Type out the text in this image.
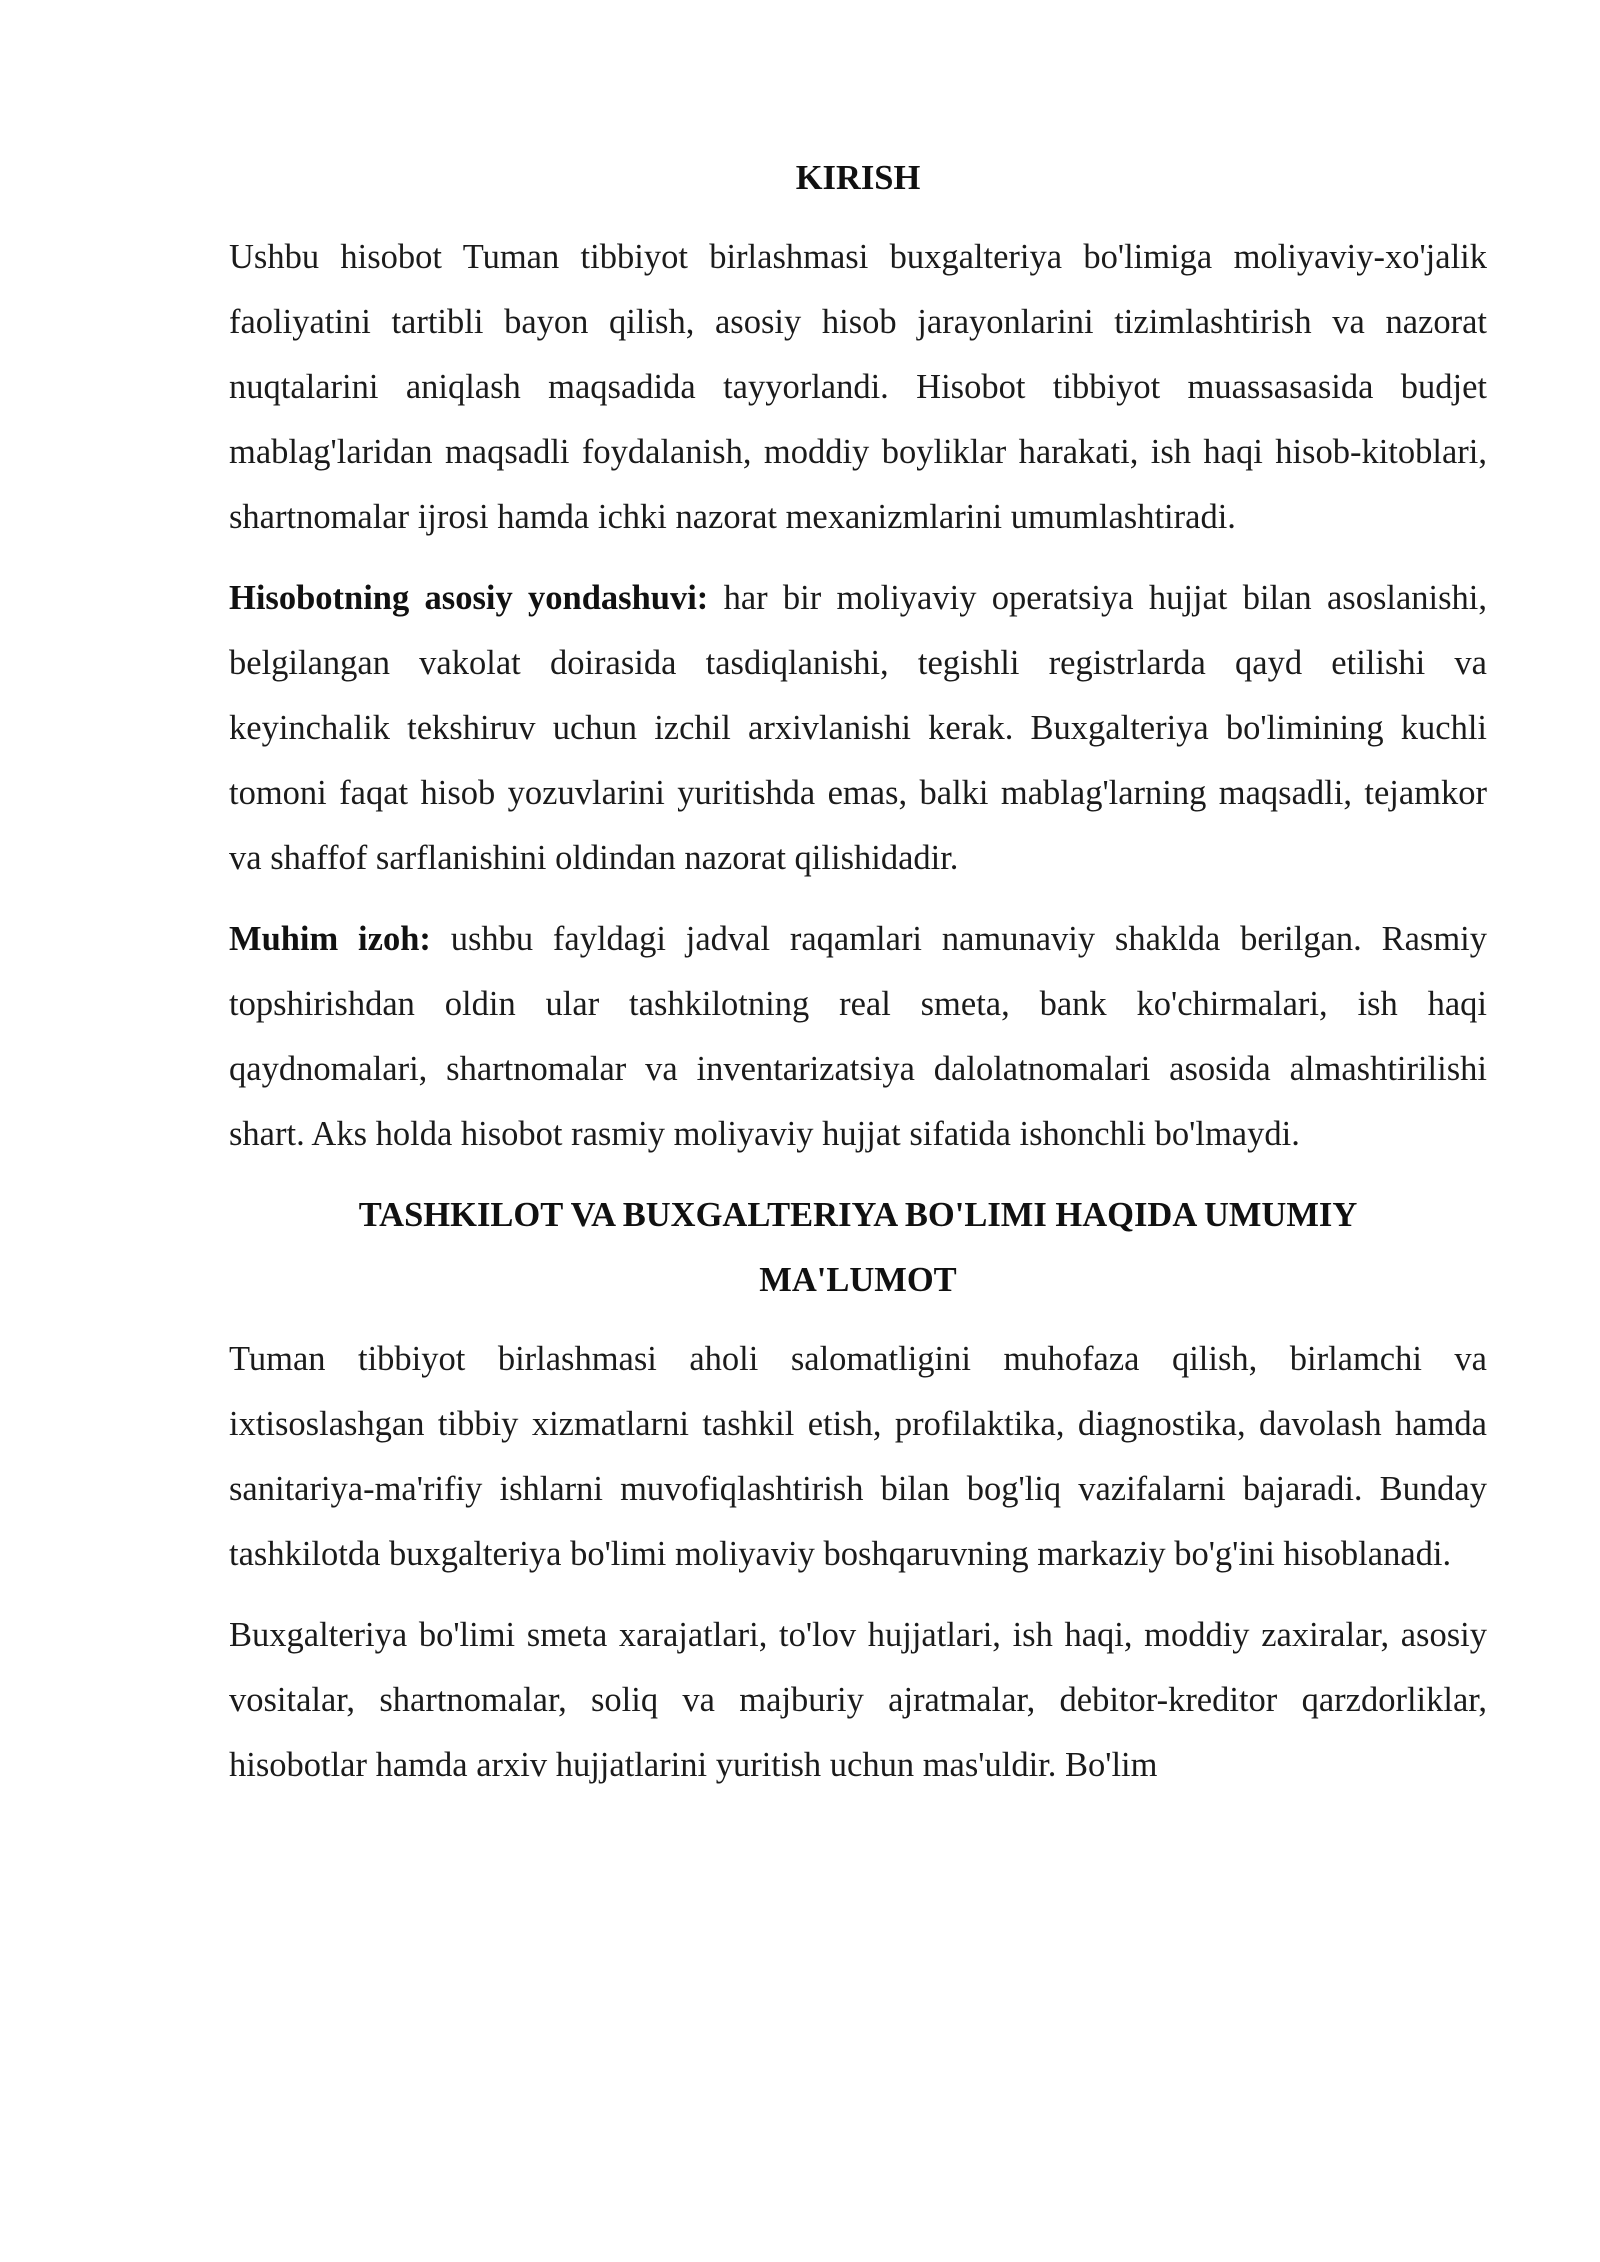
KIRISH

Ushbu hisobot Tuman tibbiyot birlashmasi buxgalteriya bo'limiga moliyaviy-xo'jalik faoliyatini tartibli bayon qilish, asosiy hisob jarayonlarini tizimlashtirish va nazorat nuqtalarini aniqlash maqsadida tayyorlandi. Hisobot tibbiyot muassasasida budjet mablag'laridan maqsadli foydalanish, moddiy boyliklar harakati, ish haqi hisob-kitoblari, shartnomalar ijrosi hamda ichki nazorat mexanizmlarini umumlashtiradi.

Hisobotning asosiy yondashuvi: har bir moliyaviy operatsiya hujjat bilan asoslanishi, belgilangan vakolat doirasida tasdiqlanishi, tegishli registrlarda qayd etilishi va keyinchalik tekshiruv uchun izchil arxivlanishi kerak. Buxgalteriya bo'limining kuchli tomoni faqat hisob yozuvlarini yuritishda emas, balki mablag'larning maqsadli, tejamkor va shaffof sarflanishini oldindan nazorat qilishidadir.

Muhim izoh: ushbu fayldagi jadval raqamlari namunaviy shaklda berilgan. Rasmiy topshirishdan oldin ular tashkilotning real smeta, bank ko'chirmalari, ish haqi qaydnomalari, shartnomalar va inventarizatsiya dalolatnomalari asosida almashtirilishi shart. Aks holda hisobot rasmiy moliyaviy hujjat sifatida ishonchli bo'lmaydi.

TASHKILOT VA BUXGALTERIYA BO'LIMI HAQIDA UMUMIY MA'LUMOT

Tuman tibbiyot birlashmasi aholi salomatligini muhofaza qilish, birlamchi va ixtisoslashgan tibbiy xizmatlarni tashkil etish, profilaktika, diagnostika, davolash hamda sanitariya-ma'rifiy ishlarni muvofiqlashtirish bilan bog'liq vazifalarni bajaradi. Bunday tashkilotda buxgalteriya bo'limi moliyaviy boshqaruvning markaziy bo'g'ini hisoblanadi.

Buxgalteriya bo'limi smeta xarajatlari, to'lov hujjatlari, ish haqi, moddiy zaxiralar, asosiy vositalar, shartnomalar, soliq va majburiy ajratmalar, debitor-kreditor qarzdorliklar, hisobotlar hamda arxiv hujjatlarini yuritish uchun mas'uldir. Bo'lim
